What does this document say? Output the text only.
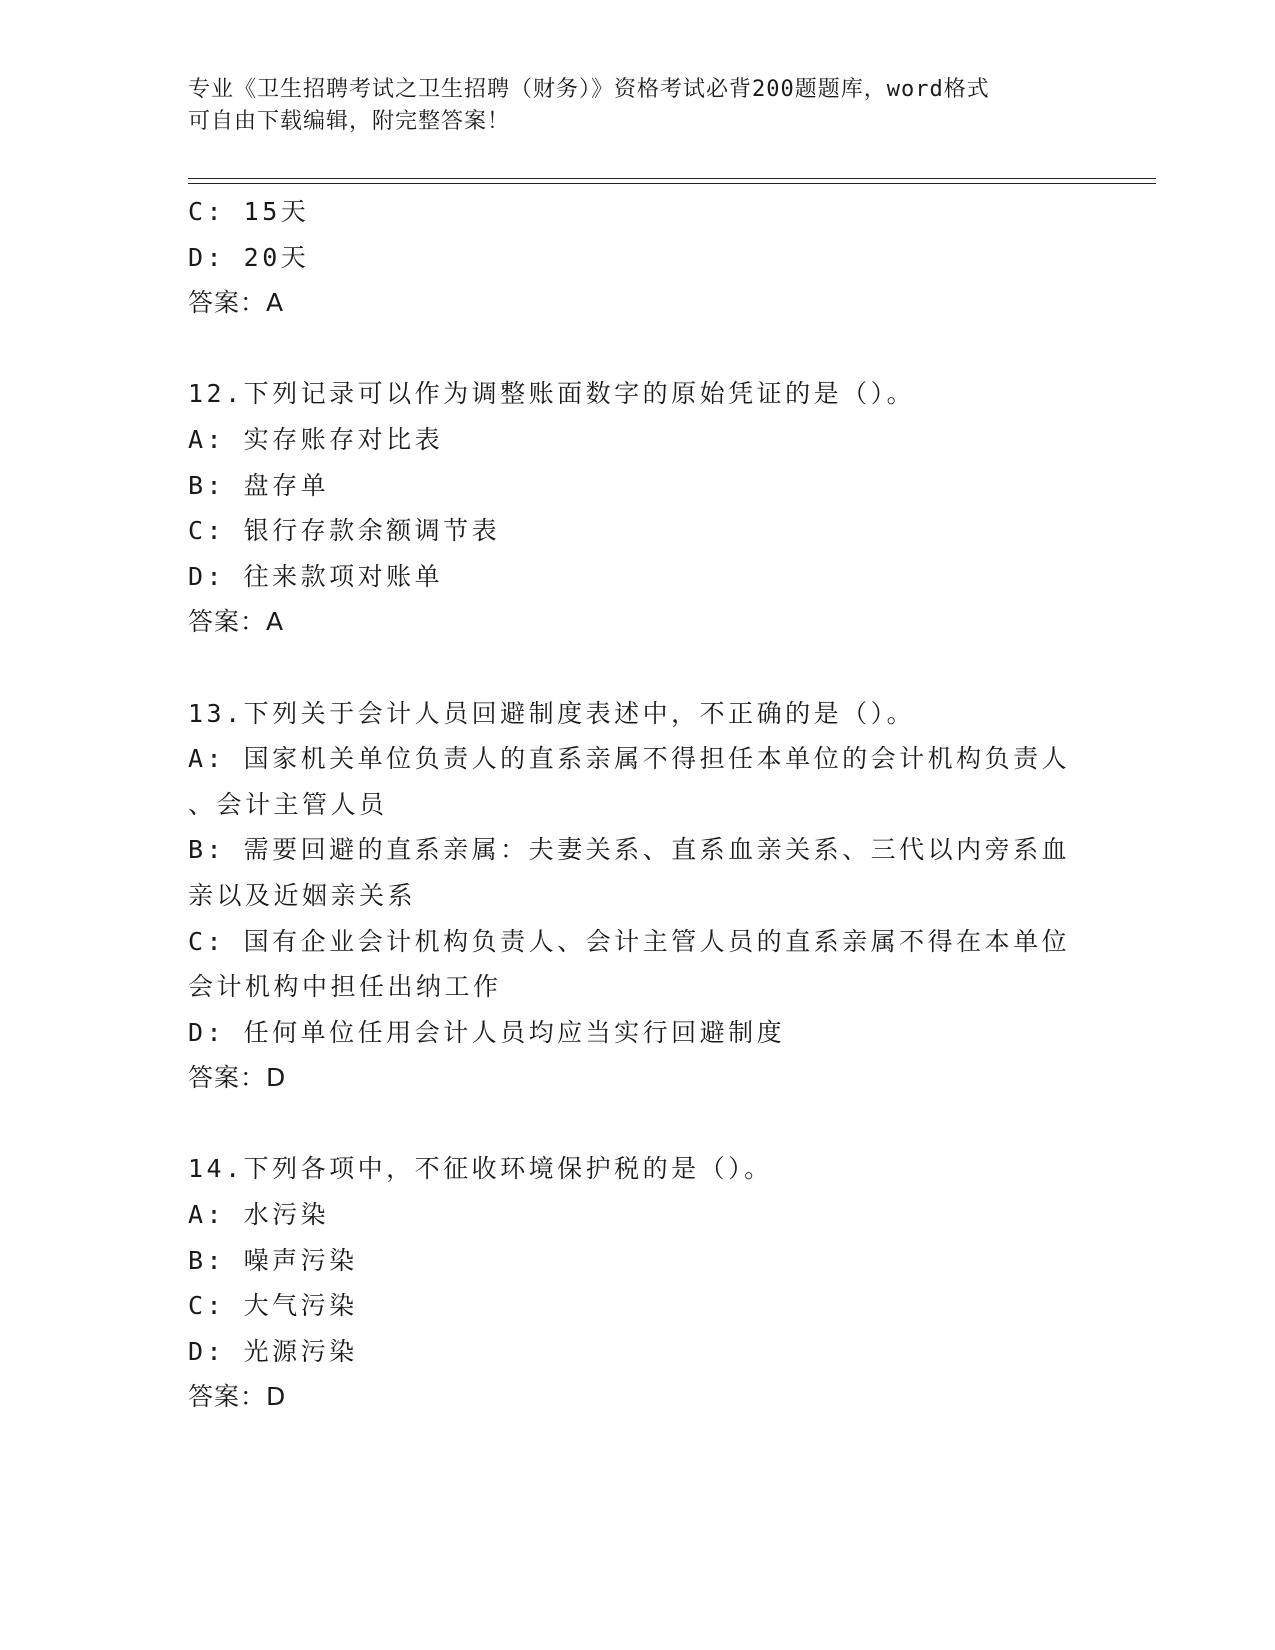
专业《卫生招聘考试之卫生招聘（财务）》资格考试必背200题题库，word格式
可自由下载编辑，附完整答案！
C: 15天
D: 20天
答案：A
12.下列记录可以作为调整账面数字的原始凭证的是（）。
A: 实存账存对比表
B: 盘存单
C: 银行存款余额调节表
D: 往来款项对账单
答案：A
13.下列关于会计人员回避制度表述中，不正确的是（）。
A: 国家机关单位负责人的直系亲属不得担任本单位的会计机构负责人
、会计主管人员
B: 需要回避的直系亲属：夫妻关系、直系血亲关系、三代以内旁系血
亲以及近姻亲关系
C: 国有企业会计机构负责人、会计主管人员的直系亲属不得在本单位
会计机构中担任出纳工作
D: 任何单位任用会计人员均应当实行回避制度
答案：D
14.下列各项中，不征收环境保护税的是（）。
A: 水污染
B: 噪声污染
C: 大气污染
D: 光源污染
答案：D
